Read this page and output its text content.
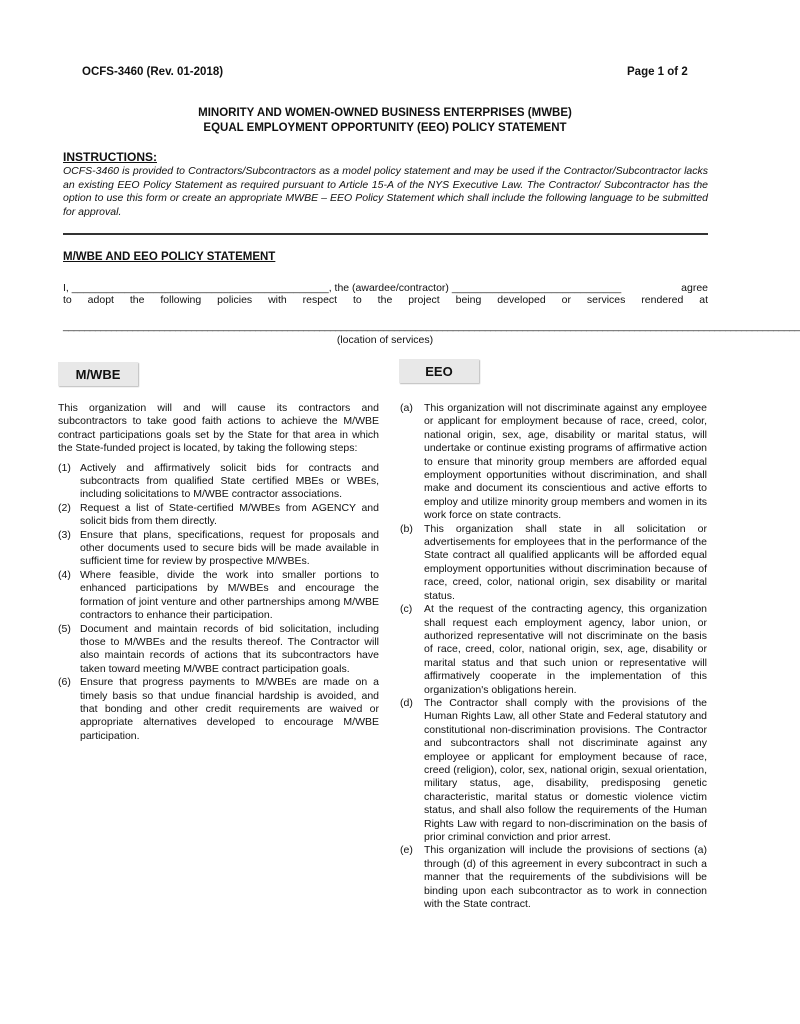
OCFS-3460 (Rev. 01-2018)	Page 1 of 2
MINORITY AND WOMEN-OWNED BUSINESS ENTERPRISES (MWBE)
EQUAL EMPLOYMENT OPPORTUNITY (EEO) POLICY STATEMENT
INSTRUCTIONS:
OCFS-3460 is provided to Contractors/Subcontractors as a model policy statement and may be used if the Contractor/Subcontractor lacks an existing EEO Policy Statement as required pursuant to Article 15-A of the NYS Executive Law. The Contractor/ Subcontractor has the option to use this form or create an appropriate MWBE – EEO Policy Statement which shall include the following language to be submitted for approval.
M/WBE AND EEO POLICY STATEMENT
I, ____________________________________________, the (awardee/contractor) _____________________________	agree
to adopt the following policies with respect to the project being developed or services rendered at
__________________________________________________________________________________________________________________________________________
(location of services)
M/WBE	EEO

This organization will and will cause its contractors and subcontractors to take good faith actions to achieve the M/WBE contract participations goals set by the State for that area in which the State-funded project is located, by taking the following steps:

(1) Actively and affirmatively solicit bids for contracts and subcontracts from qualified State certified MBEs or WBEs, including solicitations to M/WBE contractor associations.
(2) Request a list of State-certified M/WBEs from AGENCY and solicit bids from them directly.
(3) Ensure that plans, specifications, request for proposals and other documents used to secure bids will be made available in sufficient time for review by prospective M/WBEs.
(4) Where feasible, divide the work into smaller portions to enhanced participations by M/WBEs and encourage the formation of joint venture and other partnerships among M/WBE contractors to enhance their participation.
(5) Document and maintain records of bid solicitation, including those to M/WBEs and the results thereof. The Contractor will also maintain records of actions that its subcontractors have taken toward meeting M/WBE contract participation goals.
(6) Ensure that progress payments to M/WBEs are made on a timely basis so that undue financial hardship is avoided, and that bonding and other credit requirements are waived or appropriate alternatives developed to encourage M/WBE participation.
(a) This organization will not discriminate against any employee or applicant for employment because of race, creed, color, national origin, sex, age, disability or marital status, will undertake or continue existing programs of affirmative action to ensure that minority group members are afforded equal employment opportunities without discrimination, and shall make and document its conscientious and active efforts to employ and utilize minority group members and women in its work force on state contracts.
(b) This organization shall state in all solicitation or advertisements for employees that in the performance of the State contract all qualified applicants will be afforded equal employment opportunities without discrimination because of race, creed, color, national origin, sex disability or marital status.
(c) At the request of the contracting agency, this organization shall request each employment agency, labor union, or authorized representative will not discriminate on the basis of race, creed, color, national origin, sex, age, disability or marital status and that such union or representative will affirmatively cooperate in the implementation of this organization's obligations herein.
(d) The Contractor shall comply with the provisions of the Human Rights Law, all other State and Federal statutory and constitutional non-discrimination provisions. The Contractor and subcontractors shall not discriminate against any employee or applicant for employment because of race, creed (religion), color, sex, national origin, sexual orientation, military status, age, disability, predisposing genetic characteristic, marital status or domestic violence victim status, and shall also follow the requirements of the Human Rights Law with regard to non-discrimination on the basis of prior criminal conviction and prior arrest.
(e) This organization will include the provisions of sections (a) through (d) of this agreement in every subcontract in such a manner that the requirements of the subdivisions will be binding upon each subcontractor as to work in connection with the State contract.
